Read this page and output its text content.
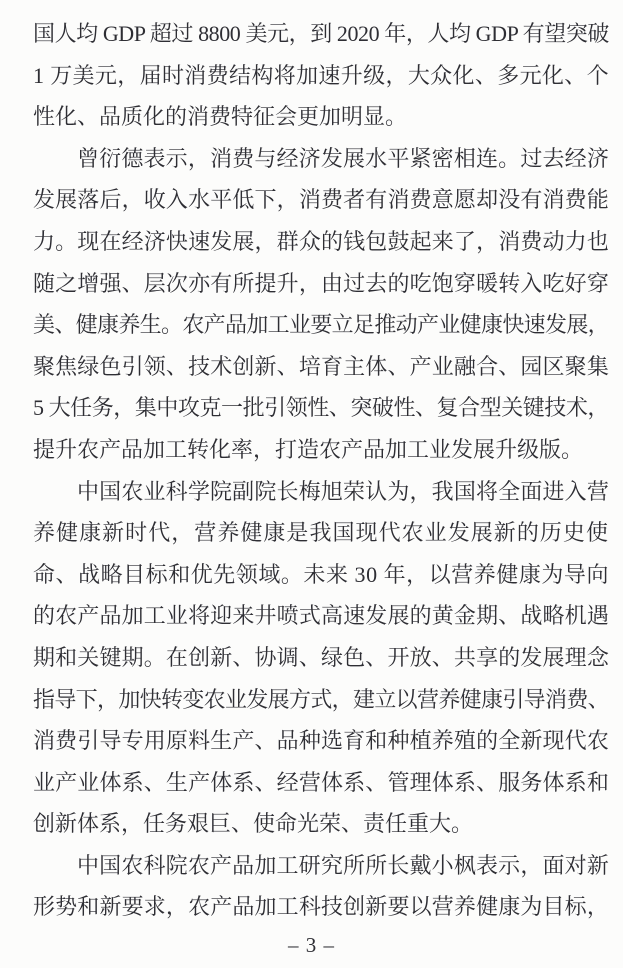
国人均 GDP 超过 8800 美元，到 2020 年，人均 GDP 有望突破
1 万美元，届时消费结构将加速升级，大众化、多元化、个
性化、品质化的消费特征会更加明显。
曾衍德表示，消费与经济发展水平紧密相连。过去经济
发展落后，收入水平低下，消费者有消费意愿却没有消费能
力。现在经济快速发展，群众的钱包鼓起来了，消费动力也
随之增强、层次亦有所提升，由过去的吃饱穿暖转入吃好穿
美、健康养生。农产品加工业要立足推动产业健康快速发展，
聚焦绿色引领、技术创新、培育主体、产业融合、园区聚集
5 大任务，集中攻克一批引领性、突破性、复合型关键技术，
提升农产品加工转化率，打造农产品加工业发展升级版。
中国农业科学院副院长梅旭荣认为，我国将全面进入营
养健康新时代，营养健康是我国现代农业发展新的历史使
命、战略目标和优先领域。未来 30 年，以营养健康为导向
的农产品加工业将迎来井喷式高速发展的黄金期、战略机遇
期和关键期。在创新、协调、绿色、开放、共享的发展理念
指导下，加快转变农业发展方式，建立以营养健康引导消费、
消费引导专用原料生产、品种选育和种植养殖的全新现代农
业产业体系、生产体系、经营体系、管理体系、服务体系和
创新体系，任务艰巨、使命光荣、责任重大。
中国农科院农产品加工研究所所长戴小枫表示，面对新
形势和新要求，农产品加工科技创新要以营养健康为目标，
– 3 –
